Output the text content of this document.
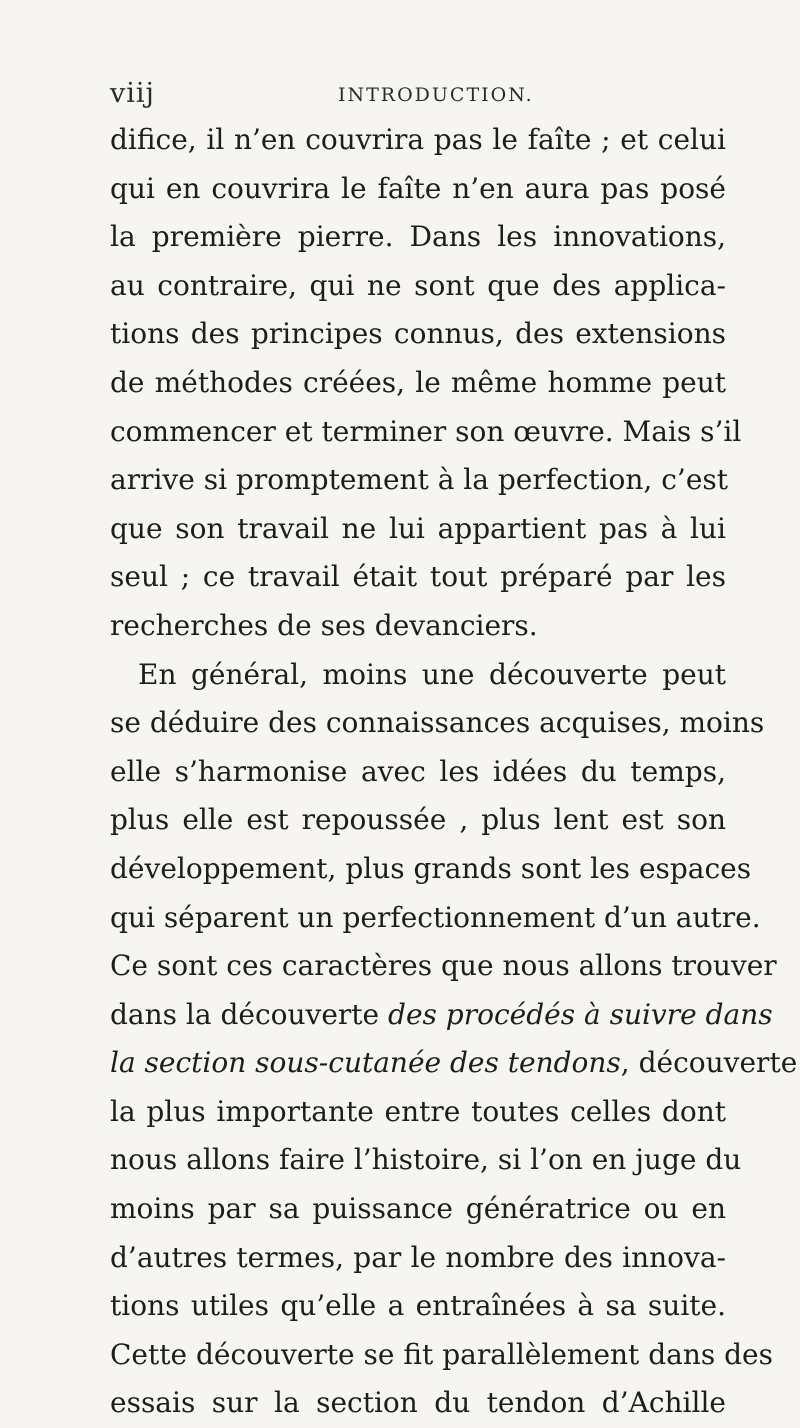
viij	INTRODUCTION.
difice, il n’en couvrira pas le faîte ; et celui
qui en couvrira le faîte n’en aura pas posé
la première pierre. Dans les innovations,
au contraire, qui ne sont que des applica-
tions des principes connus, des extensions
de méthodes créées, le même homme peut
commencer et terminer son œuvre. Mais s’il
arrive si promptement à la perfection, c’est
que son travail ne lui appartient pas à lui
seul ; ce travail était tout préparé par les
recherches de ses devanciers.
En général, moins une découverte peut
se déduire des connaissances acquises, moins
elle s’harmonise avec les idées du temps,
plus elle est repoussée , plus lent est son
développement, plus grands sont les espaces
qui séparent un perfectionnement d’un autre.
Ce sont ces caractères que nous allons trouver
dans la découverte des procédés à suivre dans
la section sous-cutanée des tendons, découverte
la plus importante entre toutes celles dont
nous allons faire l’histoire, si l’on en juge du
moins par sa puissance génératrice ou en
d’autres termes, par le nombre des innova-
tions utiles qu’elle a entraînées à sa suite.
Cette découverte se fit parallèlement dans des
essais sur la section du tendon d’Achille
